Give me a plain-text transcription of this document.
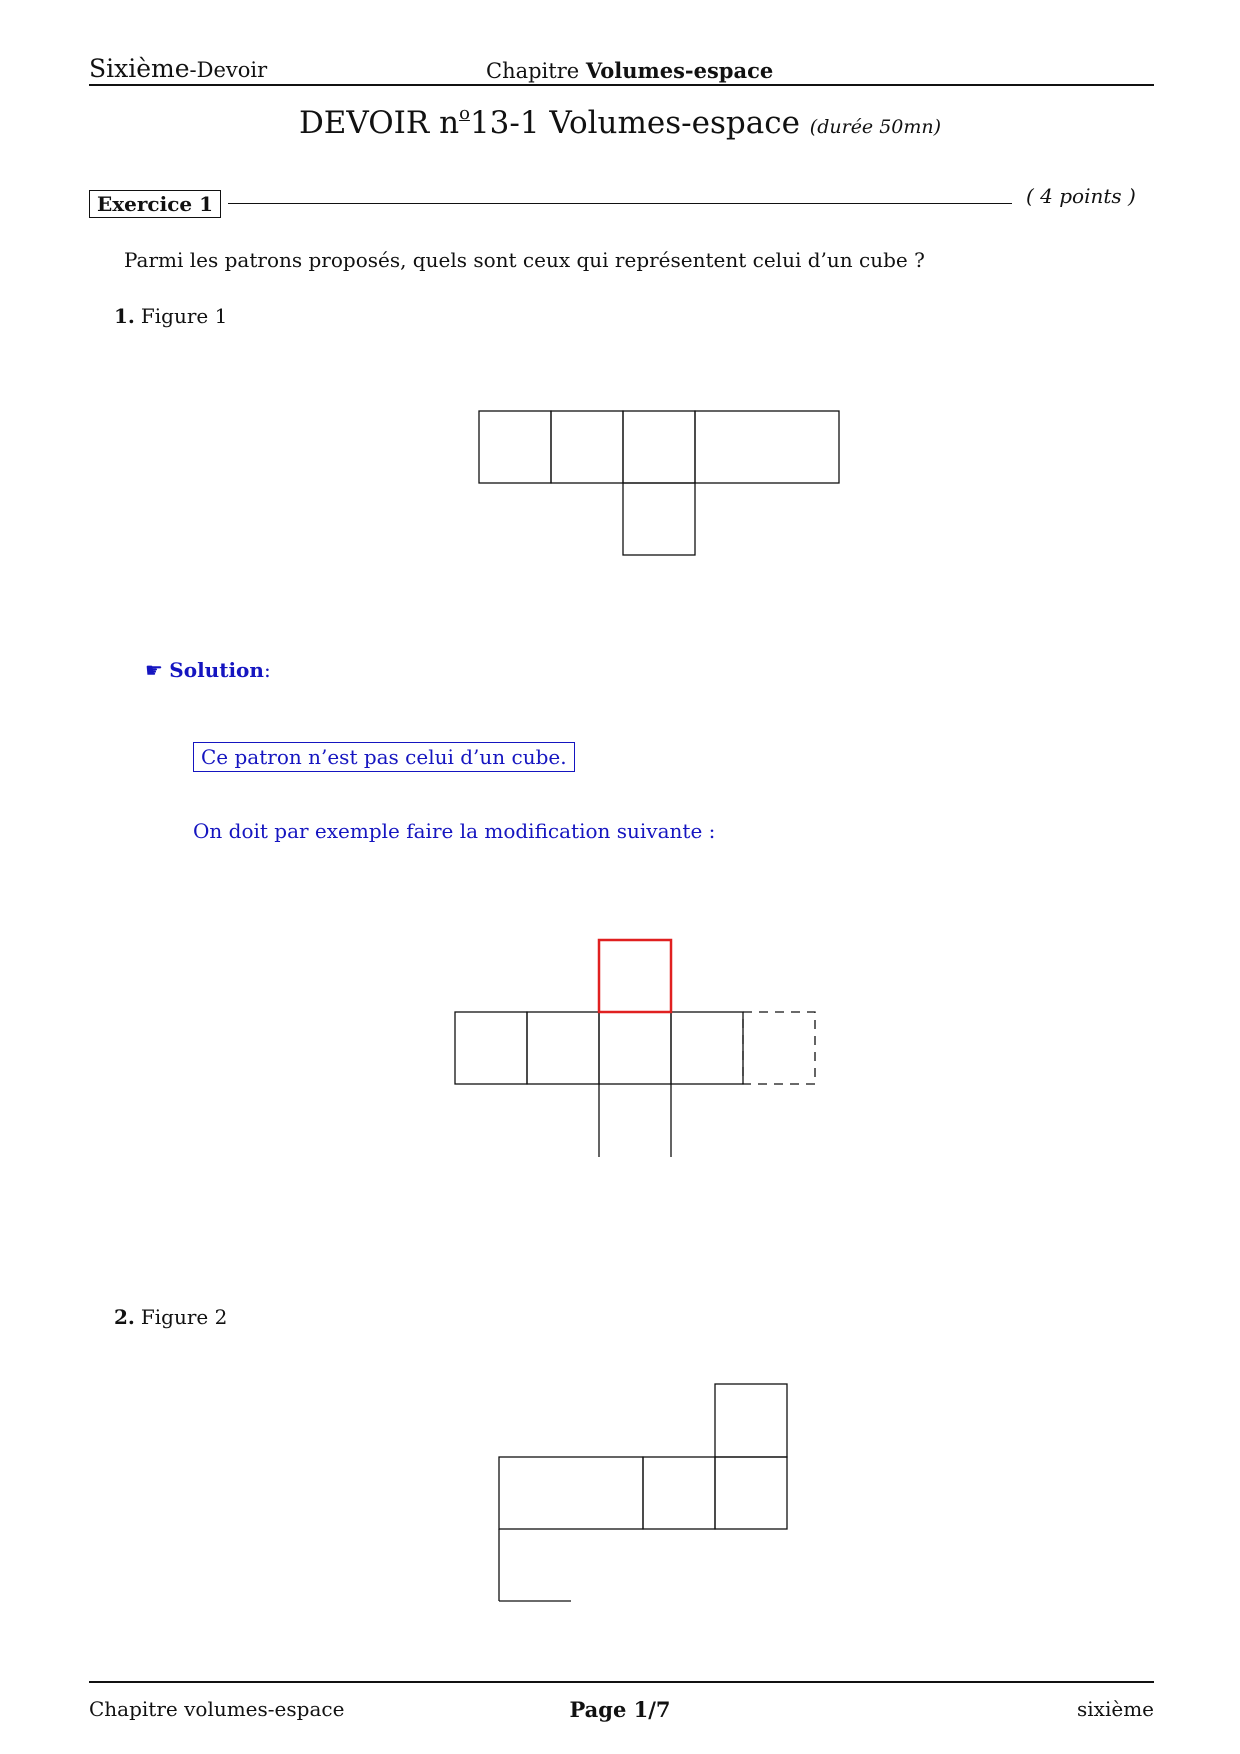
Sixième-Devoir	Chapitre Volumes-espace
DEVOIR $n^o13-1$ Volumes-espace (durée 50mn)
Exercice 1	( 4 points )
Parmi les patrons proposés, quels sont ceux qui représentent celui d’un cube ?
1. Figure 1
☛ Solution:
Ce patron n’est pas celui d’un cube.
On doit par exemple faire la modification suivante :
2. Figure 2
Chapitre volumes-espace	Page 1/7	sixième
